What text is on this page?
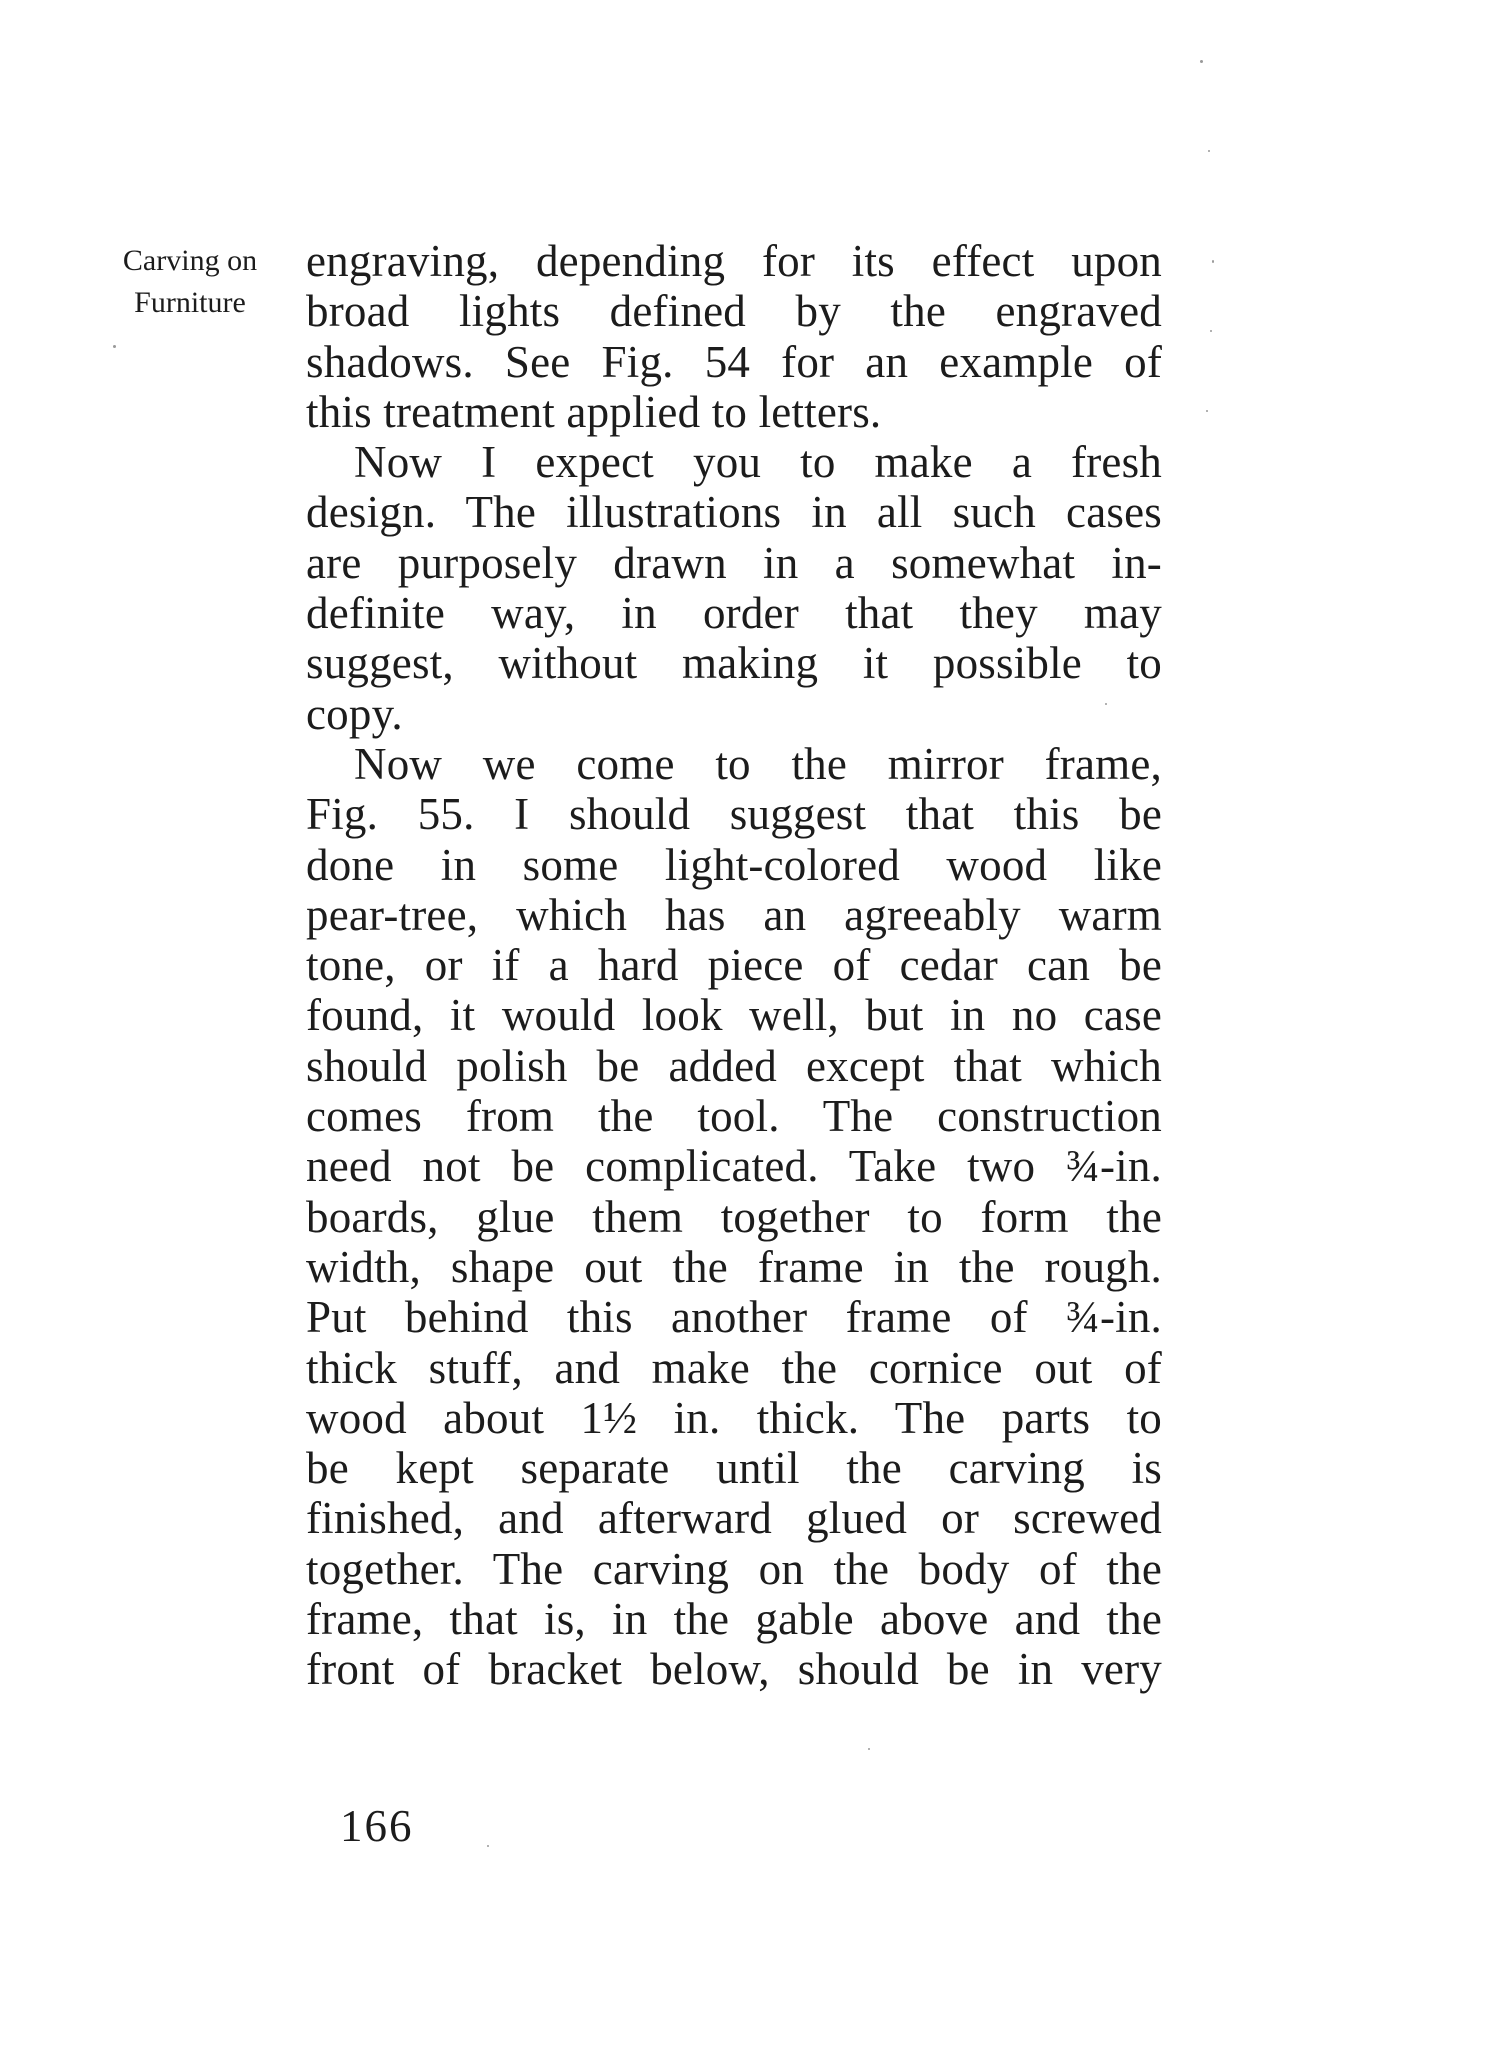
Carving on
Furniture
engraving, depending for its effect upon
broad lights defined by the engraved
shadows. See Fig. 54 for an example of
this treatment applied to letters.
Now I expect you to make a fresh
design. The illustrations in all such cases
are purposely drawn in a somewhat in-
definite way, in order that they may
suggest, without making it possible to
copy.
Now we come to the mirror frame,
Fig. 55. I should suggest that this be
done in some light-colored wood like
pear-tree, which has an agreeably warm
tone, or if a hard piece of cedar can be
found, it would look well, but in no case
should polish be added except that which
comes from the tool. The construction
need not be complicated. Take two ¾-in.
boards, glue them together to form the
width, shape out the frame in the rough.
Put behind this another frame of ¾-in.
thick stuff, and make the cornice out of
wood about 1½ in. thick. The parts to
be kept separate until the carving is
finished, and afterward glued or screwed
together. The carving on the body of the
frame, that is, in the gable above and the
front of bracket below, should be in very
166
